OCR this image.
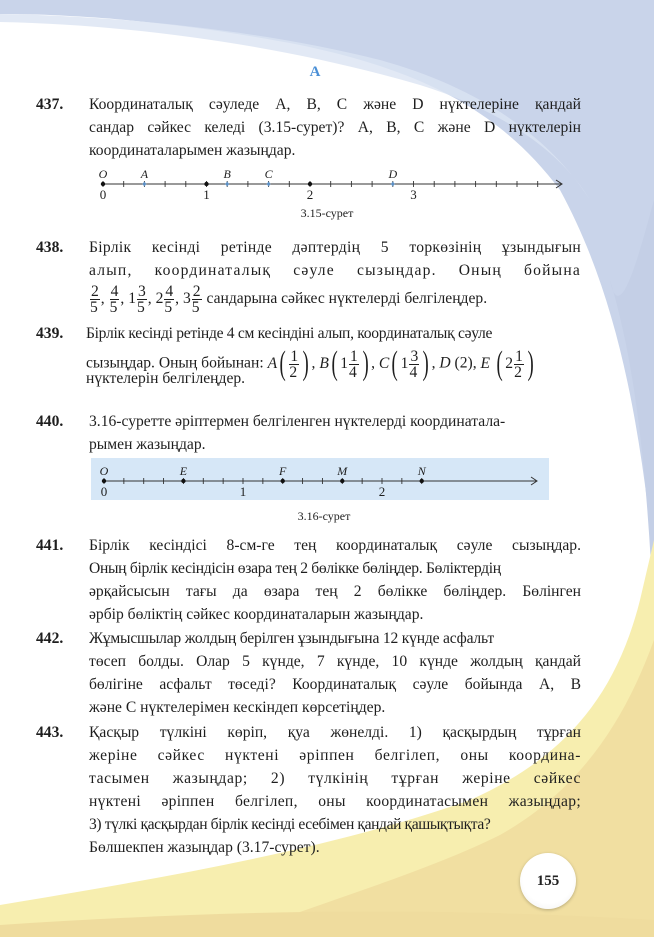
A
437. Координаталық сəуледе A, B, C жəне D нүктелеріне қандай
сандар сəйкес келеді (3.15-сурет)? A, B, C жəне D нүктелерін
координаталарымен жазыңдар.
0	1	2	3
O	A	B	C	D
3.15-сурет
438. Бірлік кесінді ретінде дəптердің 5 торкөзінің ұзындығын
алып, координаталық сəуле сызыңдар. Оның бойына
$\frac{2}{5}$ , $\frac{4}{5}$ , $1 \frac{3}{5}$ , $2 \frac{4}{5}$ , $3 \frac{2}{5}$ сандарына сəйкес нүктелерді белгілеңдер.
439. Бірлік кесінді ретінде 4 см кесіндіні алып, координаталық сəуле
сызыңдар. Оның бойынан: $A( \frac{1}{2}$ ) , B( $1 \frac{1}{4}$ ) , C( $1 \frac{3}{4}$ ) , D (2), E ( $2 \frac{1}{2}$ )
нүктелерін белгілеңдер.
440. 3.16-суретте əріптермен белгіленген нүктелерді координатала-
рымен жазыңдар.
0	1	2
O	E	F	M	N
3.16-сурет
441. Бірлік кесіндісі 8-см-ге тең координаталық сəуле сызыңдар.
Оның бірлік кесіндісін өзара тең 2 бөлікке бөліңдер. Бөліктердің
əрқайсысын тағы да өзара тең 2 бөлікке бөліңдер. Бөлінген
əрбір бөліктің сəйкес координаталарын жазыңдар.
442. Жұмысшылар жолдың берілген ұзындығына 12 күнде асфальт
төсеп болды. Олар 5 күнде, 7 күнде, 10 күнде жолдың қандай
бөлігіне асфальт төседі? Координаталық сəуле бойында A, B
жəне C нүктелерімен кескіндеп көрсетіңдер.
443. Қасқыр түлкіні көріп, қуа жөнелді. 1) қасқырдың тұрған
жеріне сəйкес нүктені əріппен белгілеп, оны координа-
тасымен жазыңдар; 2) түлкінің тұрған жеріне сəйкес
нүктені əріппен белгілеп, оны координатасымен жазыңдар;
3) түлкі қасқырдан бірлік кесінді есебімен қандай қашықтықта?
Бөлшекпен жазыңдар (3.17-сурет).
155
